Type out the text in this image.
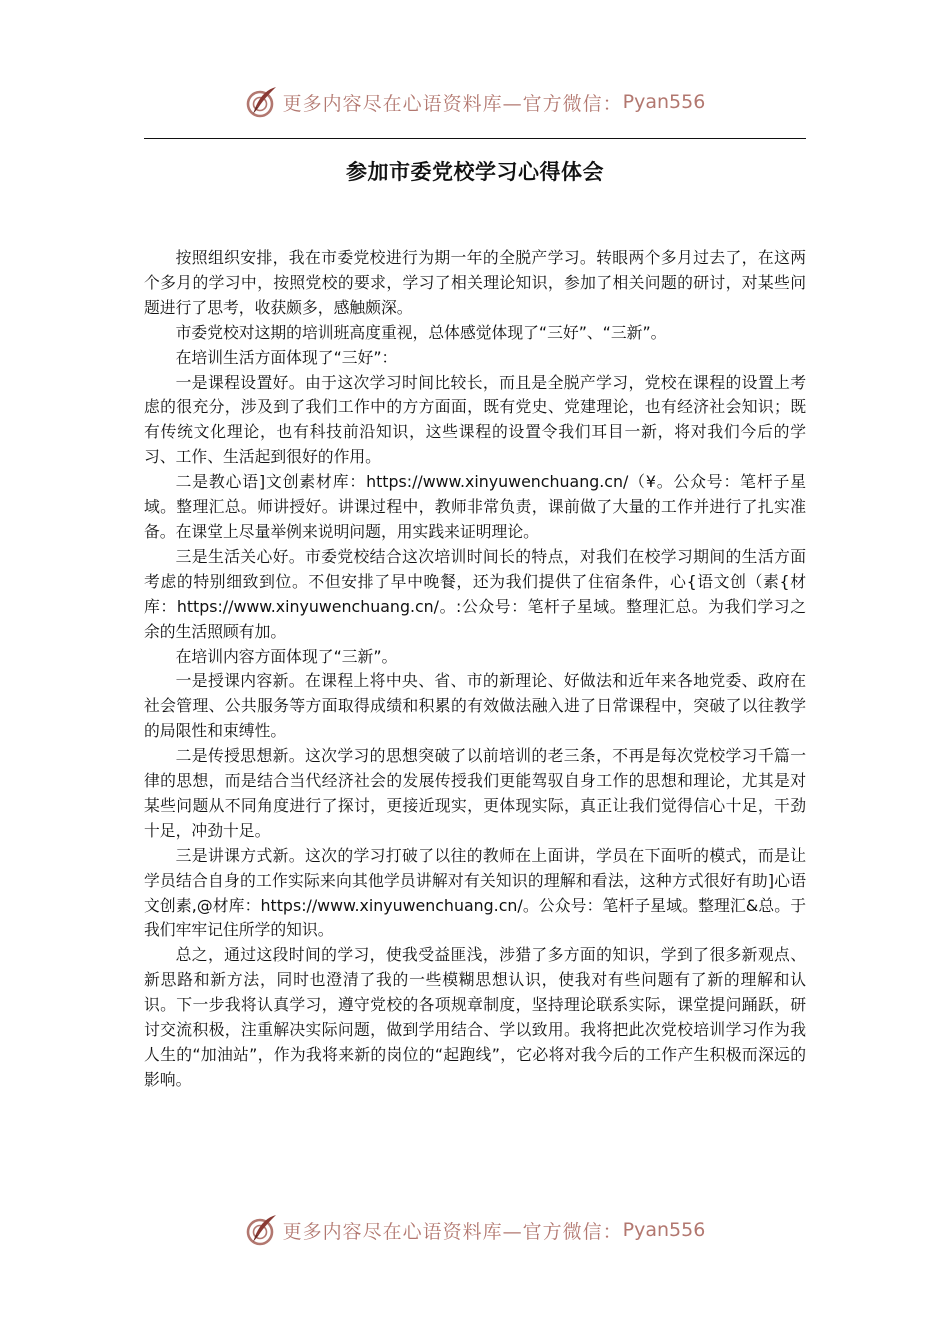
更多内容尽在心语资料库—官方微信： Pyan556
参加市委党校学习心得体会

按照组织安排，我在市委党校进行为期一年的全脱产学习。转眼两个多月过去了，在这两个多月的学习中，按照党校的要求，学习了相关理论知识，参加了相关问题的研讨，对某些问题进行了思考，收获颇多，感触颇深。

市委党校对这期的培训班高度重视，总体感觉体现了“三好”、“三新”。

在培训生活方面体现了“三好”：

一是课程设置好。由于这次学习时间比较长，而且是全脱产学习，党校在课程的设置上考虑的很充分，涉及到了我们工作中的方方面面，既有党史、党建理论，也有经济社会知识；既有传统文化理论，也有科技前沿知识，这些课程的设置令我们耳目一新，将对我们今后的学习、工作、生活起到很好的作用。

二是教心语]文创素材库：https://www.xinyuwenchuang.cn/（¥。公众号：笔杆子星域。整理汇总。师讲授好。讲课过程中，教师非常负责，课前做了大量的工作并进行了扎实准备。在课堂上尽量举例来说明问题，用实践来证明理论。

三是生活关心好。市委党校结合这次培训时间长的特点，对我们在校学习期间的生活方面考虑的特别细致到位。不但安排了早中晚餐，还为我们提供了住宿条件，心{语文创（素{材库：https://www.xinyuwenchuang.cn/。:公众号：笔杆子星域。整理汇总。为我们学习之余的生活照顾有加。

在培训内容方面体现了“三新”。

一是授课内容新。在课程上将中央、省、市的新理论、好做法和近年来各地党委、政府在社会管理、公共服务等方面取得成绩和积累的有效做法融入进了日常课程中，突破了以往教学的局限性和束缚性。

二是传授思想新。这次学习的思想突破了以前培训的老三条，不再是每次党校学习千篇一律的思想，而是结合当代经济社会的发展传授我们更能驾驭自身工作的思想和理论，尤其是对某些问题从不同角度进行了探讨，更接近现实，更体现实际，真正让我们觉得信心十足，干劲十足，冲劲十足。

三是讲课方式新。这次的学习打破了以往的教师在上面讲，学员在下面听的模式，而是让学员结合自身的工作实际来向其他学员讲解对有关知识的理解和看法，这种方式很好有助]心语文创素,@材库：https://www.xinyuwenchuang.cn/。公众号：笔杆子星域。整理汇&总。于我们牢牢记住所学的知识。

总之，通过这段时间的学习，使我受益匪浅，涉猎了多方面的知识，学到了很多新观点、新思路和新方法，同时也澄清了我的一些模糊思想认识，使我对有些问题有了新的理解和认识。下一步我将认真学习，遵守党校的各项规章制度，坚持理论联系实际，课堂提问踊跃，研讨交流积极，注重解决实际问题，做到学用结合、学以致用。我将把此次党校培训学习作为我人生的“加油站”，作为我将来新的岗位的“起跑线”，它必将对我今后的工作产生积极而深远的影响。

更多内容尽在心语资料库—官方微信： Pyan556
